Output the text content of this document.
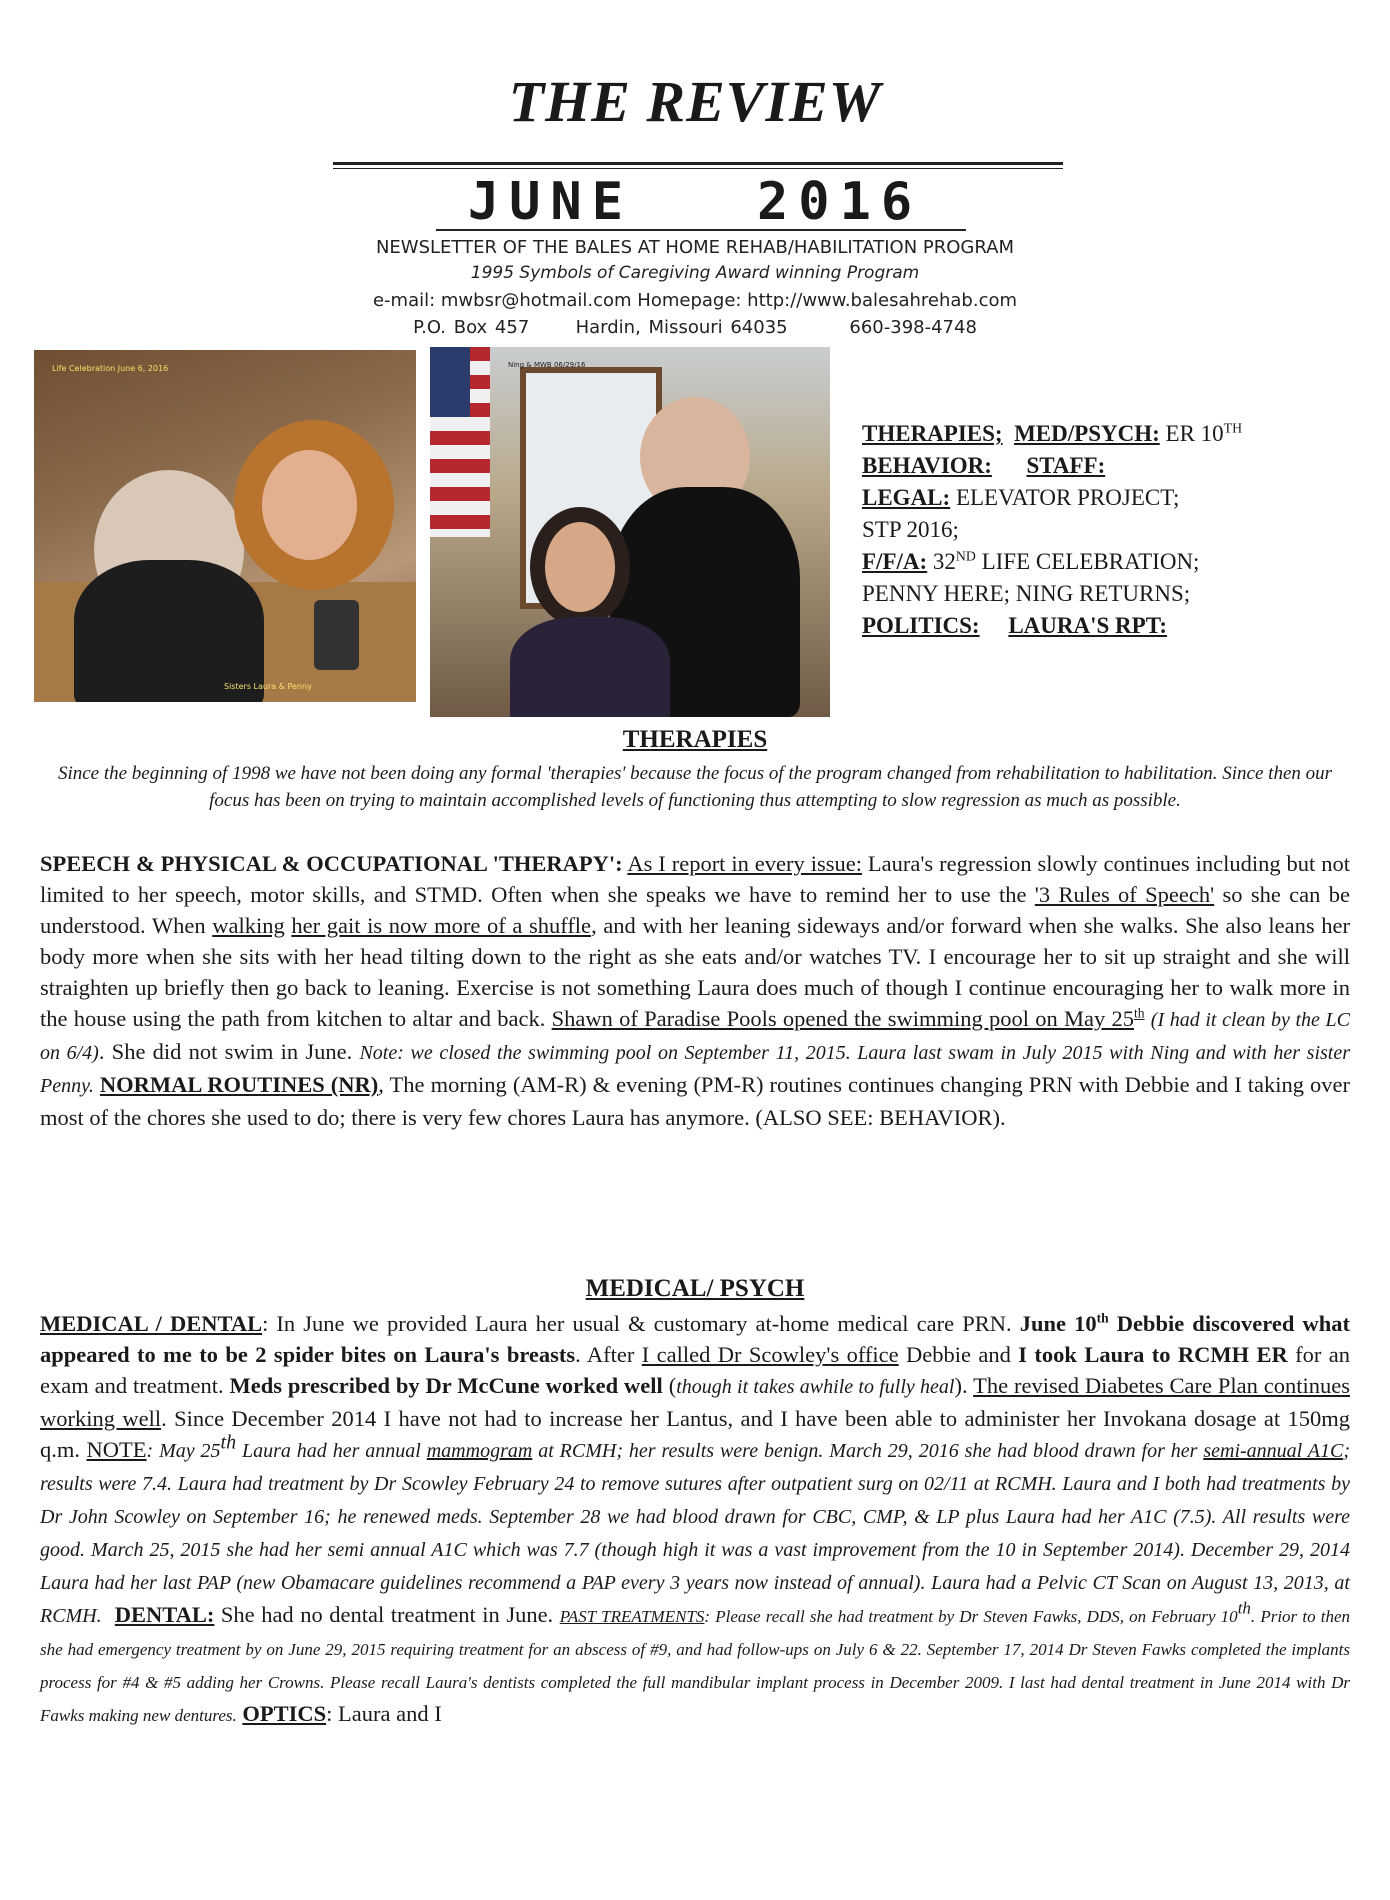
THE REVIEW
JUNE   2016
NEWSLETTER OF THE BALES AT HOME REHAB/HABILITATION PROGRAM
1995 Symbols of Caregiving Award winning Program
e-mail: mwbsr@hotmail.com Homepage: http://www.balesahrehab.com
P.O. Box 457      Hardin, Missouri 64035        660-398-4748
Life Celebration June 6, 2016
Sisters Laura & Penny
Ning & MWB 06/29/16
THERAPIES; MED/PSYCH: ER 10TH
BEHAVIOR: STAFF:
LEGAL: ELEVATOR PROJECT;
STP 2016;
F/F/A: 32ND LIFE CELEBRATION;
PENNY HERE; NING RETURNS;
POLITICS: LAURA'S RPT:
THERAPIES
Since the beginning of 1998 we have not been doing any formal 'therapies' because the focus of the program changed from rehabilitation to habilitation. Since then our focus has been on trying to maintain accomplished levels of functioning thus attempting to slow regression as much as possible.

SPEECH & PHYSICAL & OCCUPATIONAL 'THERAPY': As I report in every issue: Laura's regression slowly continues including but not limited to her speech, motor skills, and STMD. Often when she speaks we have to remind her to use the '3 Rules of Speech' so she can be understood. When walking her gait is now more of a shuffle, and with her leaning sideways and/or forward when she walks. She also leans her body more when she sits with her head tilting down to the right as she eats and/or watches TV. I encourage her to sit up straight and she will straighten up briefly then go back to leaning. Exercise is not something Laura does much of though I continue encouraging her to walk more in the house using the path from kitchen to altar and back. Shawn of Paradise Pools opened the swimming pool on May 25th (I had it clean by the LC on 6/4). She did not swim in June. Note: we closed the swimming pool on September 11, 2015. Laura last swam in July 2015 with Ning and with her sister Penny. NORMAL ROUTINES (NR), The morning (AM-R) & evening (PM-R) routines continues changing PRN with Debbie and I taking over most of the chores she used to do; there is very few chores Laura has anymore. (ALSO SEE: BEHAVIOR).

MEDICAL/ PSYCH

MEDICAL / DENTAL: In June we provided Laura her usual & customary at-home medical care PRN. June 10th Debbie discovered what appeared to me to be 2 spider bites on Laura's breasts. After I called Dr Scowley's office Debbie and I took Laura to RCMH ER for an exam and treatment. Meds prescribed by Dr McCune worked well (though it takes awhile to fully heal). The revised Diabetes Care Plan continues working well. Since December 2014 I have not had to increase her Lantus, and I have been able to administer her Invokana dosage at 150mg q.m. NOTE: May 25th Laura had her annual mammogram at RCMH; her results were benign. March 29, 2016 she had blood drawn for her semi-annual A1C; results were 7.4. Laura had treatment by Dr Scowley February 24 to remove sutures after outpatient surg on 02/11 at RCMH. Laura and I both had treatments by Dr John Scowley on September 16; he renewed meds. September 28 we had blood drawn for CBC, CMP, & LP plus Laura had her A1C (7.5). All results were good. March 25, 2015 she had her semi annual A1C which was 7.7 (though high it was a vast improvement from the 10 in September 2014). December 29, 2014 Laura had her last PAP (new Obamacare guidelines recommend a PAP every 3 years now instead of annual). Laura had a Pelvic CT Scan on August 13, 2013, at RCMH. DENTAL: She had no dental treatment in June. PAST TREATMENTS: Please recall she had treatment by Dr Steven Fawks, DDS, on February 10th. Prior to then she had emergency treatment by on June 29, 2015 requiring treatment for an abscess of #9, and had follow-ups on July 6 & 22. September 17, 2014 Dr Steven Fawks completed the implants process for #4 & #5 adding her Crowns. Please recall Laura's dentists completed the full mandibular implant process in December 2009. I last had dental treatment in June 2014 with Dr Fawks making new dentures. OPTICS: Laura and I
